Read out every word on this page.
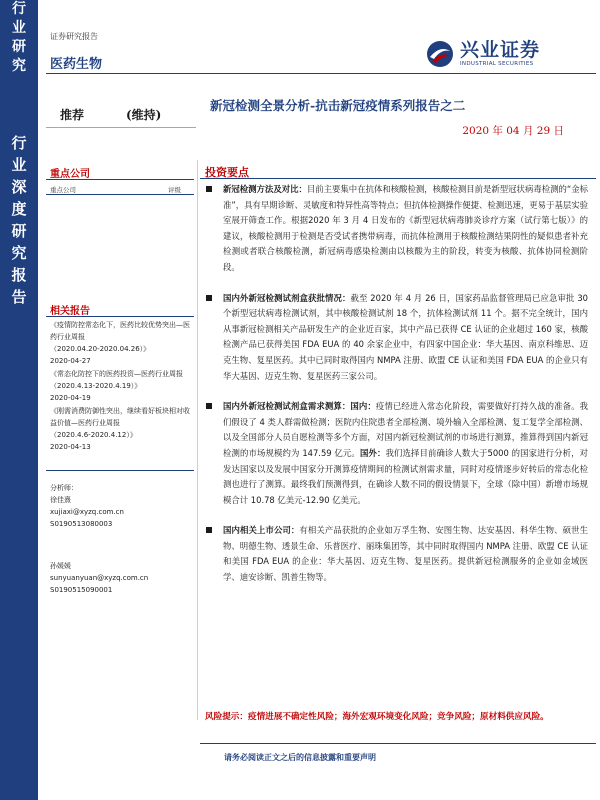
行
业
研
究
行
业
深
度
研
究
报
告
证券研究报告
医药生物
兴业证券
INDUSTRIAL SECURITIES
推荐	(维持)
新冠检测全景分析-抗击新冠疫情系列报告之二
2020 年 04 月 29 日
重点公司
重点公司	评级
相关报告
《疫情防控常态化下，医药比较优势突出—医药行业周报
（2020.04.20-2020.04.26）》
2020-04-27
《常态化防控下的医药投资—医药行业周报
（2020.4.13-2020.4.19）》
2020-04-19
《刚需消费防御性突出，继续看好板块相对收益价值—医药行业周报
（2020.4.6-2020.4.12）》
2020-04-13

分析师：

徐佳熹

xujiaxi@xyzq.com.cn

S0190513080003

孙媛媛

sunyuanyuan@xyzq.com.cn

S0190515090001

投资要点

新冠检测方法及对比：目前主要集中在抗体和核酸检测，核酸检测目前是新型冠状病毒检测的“金标准”，具有早期诊断、灵敏度和特异性高等特点；但抗体检测操作便捷、检测迅速，更易于基层实验室展开筛查工作。根据2020 年 3 月 4 日发布的《新型冠状病毒肺炎诊疗方案（试行第七版）》的建议，核酸检测用于检测是否受试者携带病毒，而抗体检测用于核酸检测结果阴性的疑似患者补充检测或者联合核酸检测，新冠病毒感染检测由以核酸为主的阶段，转变为核酸、抗体协同检测阶段。

国内外新冠检测试剂盒获批情况：截至 2020 年 4 月 26 日，国家药品监督管理局已应急审批 30 个新型冠状病毒检测试剂，其中核酸检测试剂 18 个，抗体检测试剂 11 个。据不完全统计，国内从事新冠检测相关产品研发生产的企业近百家，其中产品已获得 CE 认证的企业超过 160 家，核酸检测产品已获得美国 FDA EUA 的 40 余家企业中，有四家中国企业：华大基因、南京科维思、迈克生物、复星医药。其中已同时取得国内 NMPA 注册、欧盟 CE 认证和美国 FDA EUA 的企业只有华大基因、迈克生物、复星医药三家公司。

国内外新冠检测试剂盒需求测算：国内：疫情已经进入常态化阶段，需要做好打持久战的准备。我们假设了 4 类人群需做检测；医院内住院患者全部检测、境外输入全部检测、复工复学全部检测、以及全国部分人员自愿检测等多个方面，对国内新冠检测试剂的市场进行测算，推算得到国内新冠检测的市场规模约为 147.59 亿元。国外：我们选择目前确诊人数大于5000 的国家进行分析，对发达国家以及发展中国家分开测算疫情期间的检测试剂需求量，同时对疫情逐步好转后的常态化检测也进行了测算。最终我们预测得到，在确诊人数不同的假设情景下，全球（除中国）新增市场规模合计 10.78 亿美元-12.90 亿美元。

国内相关上市公司：有相关产品获批的企业如万孚生物、安图生物、达安基因、科华生物、硕世生物、明德生物、透景生命、乐普医疗、丽珠集团等，其中同时取得国内 NMPA 注册、欧盟 CE 认证和美国 FDA EUA 的企业：华大基因、迈克生物、复星医药。提供新冠检测服务的企业如金域医学、迪安诊断、凯普生物等。

风险提示：疫情进展不确定性风险；海外宏观环境变化风险；竞争风险；原材料供应风险。
请务必阅读正文之后的信息披露和重要声明
